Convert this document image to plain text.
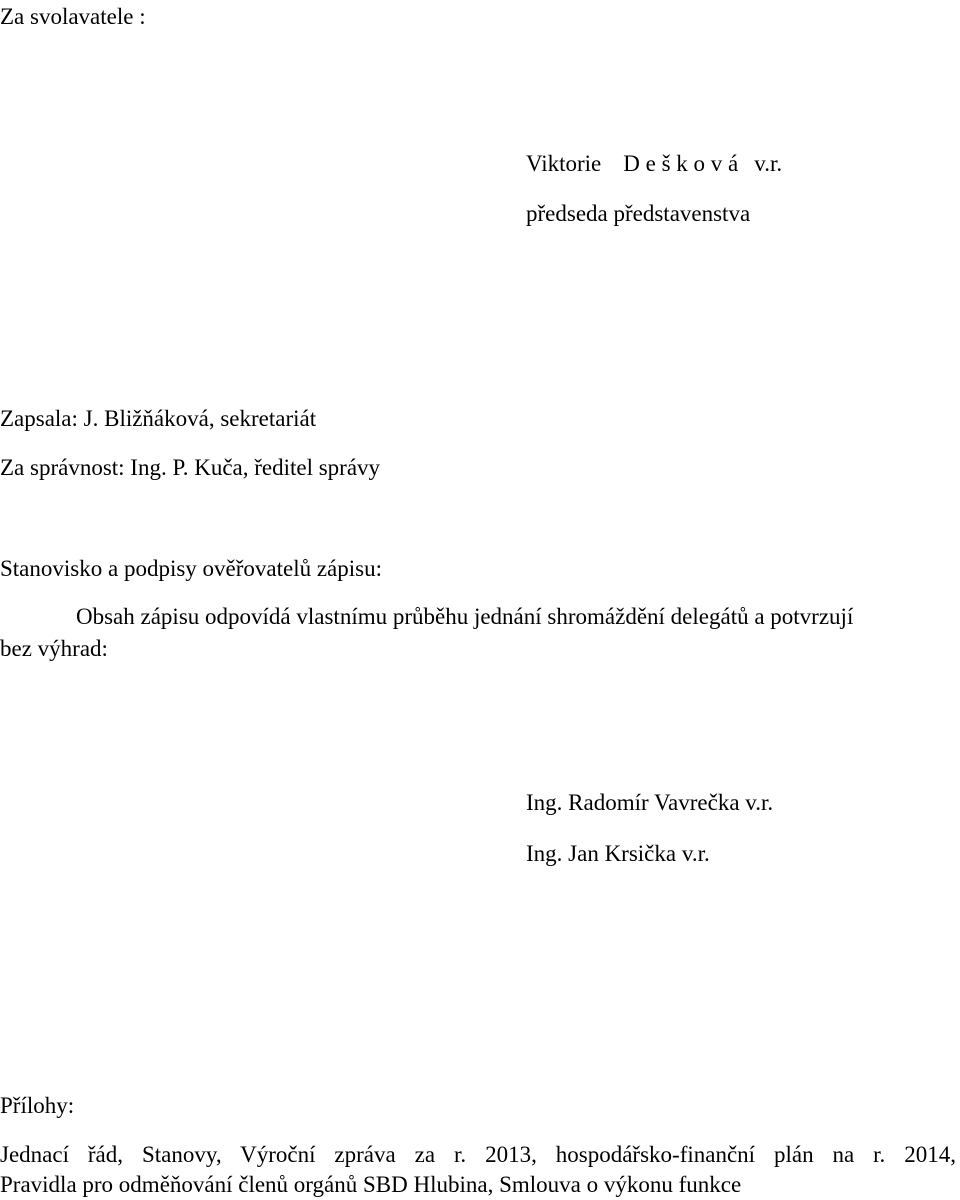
Za svolavatele :

Viktorie D e š k o v á v.r.

předseda představenstva

Zapsala: J. Bližňáková, sekretariát

Za správnost: Ing. P. Kuča, ředitel správy

Stanovisko a podpisy ověřovatelů zápisu:

Obsah zápisu odpovídá vlastnímu průběhu jednání shromáždění delegátů a potvrzují

bez výhrad:

Ing. Radomír Vavrečka v.r.

Ing. Jan Krsička v.r.

Přílohy:

Jednací řád, Stanovy, Výroční zpráva za r. 2013, hospodářsko-finanční plán na r. 2014,

Pravidla pro odměňování členů orgánů SBD Hlubina, Smlouva o výkonu funkce
